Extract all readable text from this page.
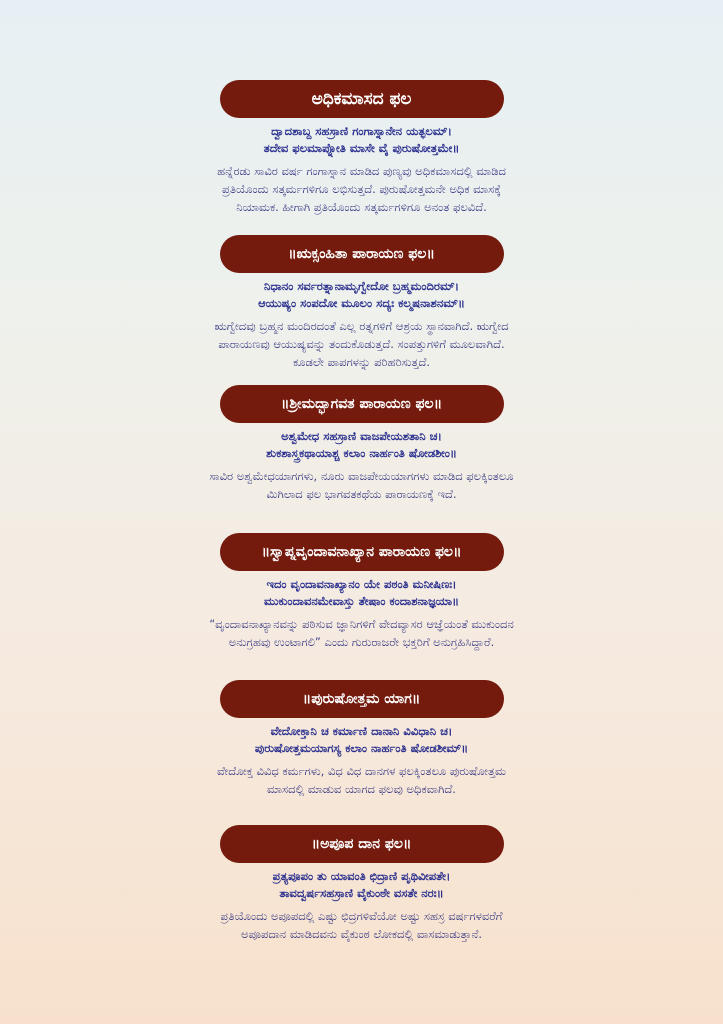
ಅಧಿಕಮಾಸದ ಫಲ
ದ್ವಾದಶಾಬ್ದ ಸಹಸ್ರಾಣಿ ಗಂಗಾಸ್ನಾನೇನ ಯತ್ಫಲಮ್।
ತದೇವ ಫಲಮಾಪ್ನೋತಿ ಮಾಸೇ ವೈ ಪುರುಷೋತ್ತಮೇ॥
ಹನ್ನೆರಡು ಸಾವಿರ ವರ್ಷ ಗಂಗಾಸ್ನಾನ ಮಾಡಿದ ಪುಣ್ಯವು ಅಧಿಕಮಾಸದಲ್ಲಿ ಮಾಡಿದ
ಪ್ರತಿಯೊಂದು ಸತ್ಕರ್ಮಗಳಿಗೂ ಲಭಿಸುತ್ತದೆ. ಪುರುಷೋತ್ತಮನೇ ಅಧಿಕ ಮಾಸಕ್ಕೆ
ನಿಯಾಮಕ. ಹೀಗಾಗಿ ಪ್ರತಿಯೊಂದು ಸತ್ಕರ್ಮಗಳಿಗೂ ಅನಂತ ಫಲವಿದೆ.
॥ಋಕ್ಸಂಹಿತಾ ಪಾರಾಯಣ ಫಲ॥
ನಿಧಾನಂ ಸರ್ವರತ್ನಾನಾಮೃಗ್ವೇದೋ ಬ್ರಹ್ಮಮಂದಿರಮ್।
ಆಯುಷ್ಯಂ ಸಂಪದೋ ಮೂಲಂ ಸದ್ಯಃ ಕಲ್ಮಷನಾಶನಮ್॥
ಋಗ್ವೇದವು ಬ್ರಹ್ಮನ ಮಂದಿರದಂತೆ ಎಲ್ಲ ರತ್ನಗಳಿಗೆ ಆಶ್ರಯ ಸ್ಥಾನವಾಗಿದೆ. ಋಗ್ವೇದ
ಪಾರಾಯಣವು ಆಯುಷ್ಯವನ್ನು ತಂದುಕೊಡುತ್ತದೆ. ಸಂಪತ್ತುಗಳಿಗೆ ಮೂಲವಾಗಿದೆ.
ಕೂಡಲೇ ಪಾಪಗಳನ್ನು ಪರಿಹರಿಸುತ್ತದೆ.
॥ಶ್ರೀಮದ್ಭಾಗವತ ಪಾರಾಯಣ ಫಲ॥
ಅಶ್ವಮೇಧ ಸಹಸ್ರಾಣಿ ವಾಜಪೇಯಶತಾನಿ ಚ।
ಶುಕಶಾಸ್ತ್ರಕಥಾಯಾಶ್ಚ ಕಲಾಂ ನಾರ್ಹಂತಿ ಷೋಡಶೀಂ॥
ಸಾವಿರ ಅಶ್ವಮೇಧಯಾಗಗಳು, ನೂರು ವಾಜಪೇಯಯಾಗಗಳು ಮಾಡಿದ ಫಲಕ್ಕಿಂತಲೂ
ಮಿಗಿಲಾದ ಫಲ ಭಾಗವತಕಥೆಯ ಪಾರಾಯಣಕ್ಕೆ ಇದೆ.
॥ಸ್ವಾಪ್ನವೃಂದಾವನಾಖ್ಯಾನ ಪಾರಾಯಣ ಫಲ॥
ಇದಂ ವೃಂದಾವನಾಖ್ಯಾನಂ ಯೇ ಪಠಂತಿ ಮನೀಷಿಣಃ।
ಮುಕುಂದಾವನಮೇವಾಸ್ತು ತೇಷಾಂ ಕಂದಾಶನಾಜ್ಞಯಾ॥
“ವೃಂದಾವನಾಖ್ಯಾನವನ್ನು ಪಠಿಸುವ ಜ್ಞಾನಿಗಳಿಗೆ ವೇದವ್ಯಾಸರ ಆಜ್ಞೆಯಂತೆ ಮುಕುಂದನ
ಅನುಗ್ರಹವು ಉಂಟಾಗಲಿ” ಎಂದು ಗುರುರಾಜರೇ ಭಕ್ತರಿಗೆ ಅನುಗ್ರಹಿಸಿದ್ದಾರೆ.
॥ಪುರುಷೋತ್ತಮ ಯಾಗ॥
ವೇದೋಕ್ತಾನಿ ಚ ಕರ್ಮಾಣಿ ದಾನಾನಿ ವಿವಿಧಾನಿ ಚ।
ಪುರುಷೋತ್ತಮಯಾಗಸ್ಯ ಕಲಾಂ ನಾರ್ಹಂತಿ ಷೋಡಶೀಮ್॥
ವೇದೋಕ್ತ ವಿವಿಧ ಕರ್ಮಗಳು, ವಿಧ ವಿಧ ದಾನಗಳ ಫಲಕ್ಕಿಂತಲೂ ಪುರುಷೋತ್ತಮ
ಮಾಸದಲ್ಲಿ ಮಾಡುವ ಯಾಗದ ಫಲವು ಅಧಿಕವಾಗಿದೆ.
॥ಅಪೂಪ ದಾನ ಫಲ॥
ಪ್ರತ್ಯಪೂಪಂ ತು ಯಾವಂತಿ ಛಿದ್ರಾಣಿ ಪೃಥಿವೀಪತೇ।
ತಾವದ್ವರ್ಷಸಹಸ್ರಾಣಿ ವೈಕುಂಠೇ ವಸತೇ ನರಃ॥
ಪ್ರತಿಯೊಂದು ಅಪೂಪದಲ್ಲಿ ಎಷ್ಟು ಛಿದ್ರಗಳಿವೆಯೋ ಅಷ್ಟು ಸಹಸ್ರ ವರ್ಷಗಳವರೆಗೆ
ಅಪೂಪದಾನ ಮಾಡಿದವನು ವೈಕುಂಠ ಲೋಕದಲ್ಲಿ ವಾಸಮಾಡುತ್ತಾನೆ.
